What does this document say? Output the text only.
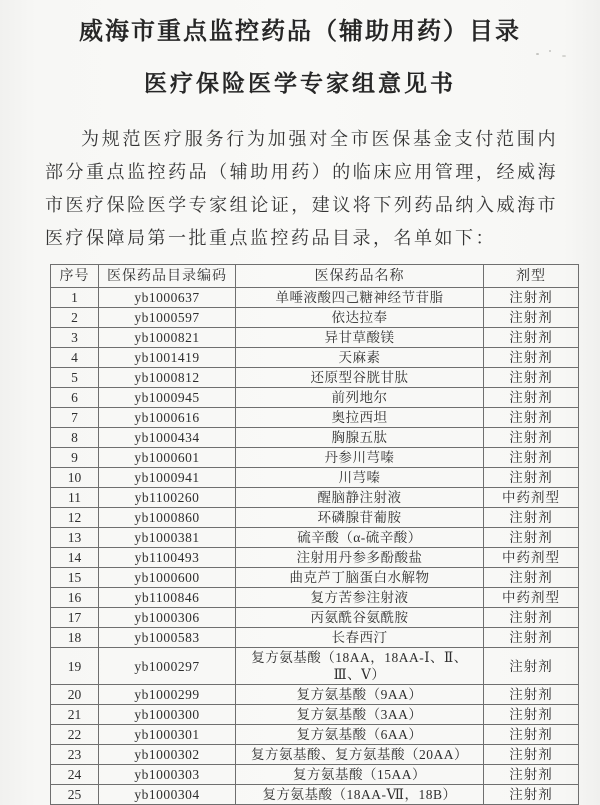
威海市重点监控药品（辅助用药）目录
医疗保险医学专家组意见书

为规范医疗服务行为加强对全市医保基金支付范围内部分重点监控药品（辅助用药）的临床应用管理，经威海市医疗保险医学专家组论证，建议将下列药品纳入威海市医疗保障局第一批重点监控药品目录，名单如下：

序号	医保药品目录编码	医保药品名称	剂型
1	yb1000637	单唾液酸四己糖神经节苷脂	注射剂
2	yb1000597	依达拉奉	注射剂
3	yb1000821	异甘草酸镁	注射剂
4	yb1001419	天麻素	注射剂
5	yb1000812	还原型谷胱甘肽	注射剂
6	yb1000945	前列地尔	注射剂
7	yb1000616	奥拉西坦	注射剂
8	yb1000434	胸腺五肽	注射剂
9	yb1000601	丹参川芎嗪	注射剂
10	yb1000941	川芎嗪	注射剂
11	yb1100260	醒脑静注射液	中药剂型
12	yb1000860	环磷腺苷葡胺	注射剂
13	yb1000381	硫辛酸（α-硫辛酸）	注射剂
14	yb1100493	注射用丹参多酚酸盐	中药剂型
15	yb1000600	曲克芦丁脑蛋白水解物	注射剂
16	yb1100846	复方苦参注射液	中药剂型
17	yb1000306	丙氨酰谷氨酰胺	注射剂
18	yb1000583	长春西汀	注射剂
19	yb1000297	复方氨基酸（18AA，18AA-Ⅰ、Ⅱ、Ⅲ、Ⅴ）	注射剂
20	yb1000299	复方氨基酸（9AA）	注射剂
21	yb1000300	复方氨基酸（3AA）	注射剂
22	yb1000301	复方氨基酸（6AA）	注射剂
23	yb1000302	复方氨基酸、复方氨基酸（20AA）	注射剂
24	yb1000303	复方氨基酸（15AA）	注射剂
25	yb1000304	复方氨基酸（18AA-Ⅶ，18B）	注射剂
